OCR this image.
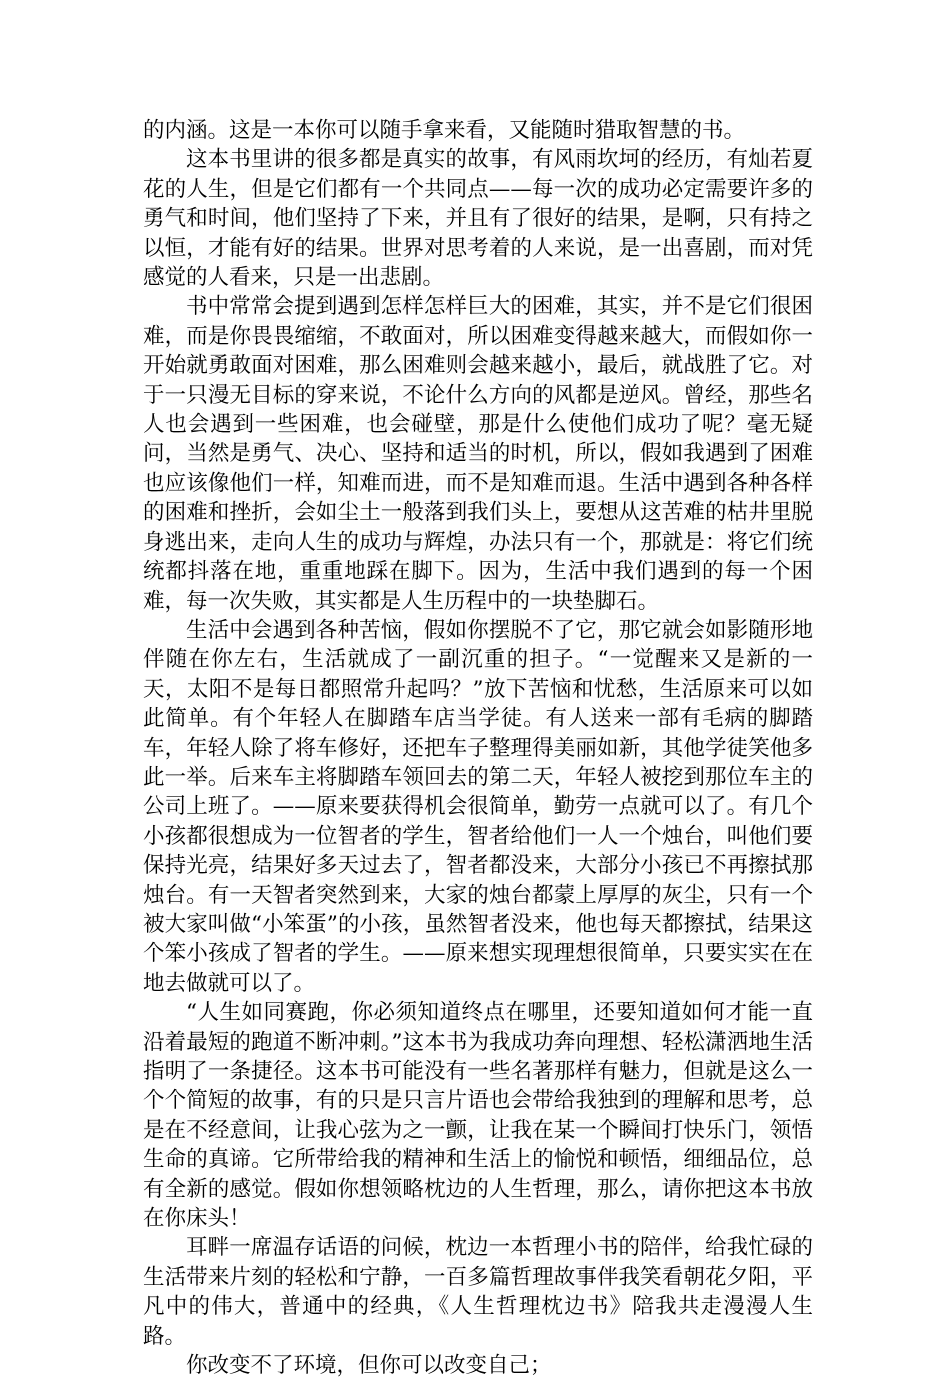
的内涵。这是一本你可以随手拿来看，又能随时猎取智慧的书。

这本书里讲的很多都是真实的故事，有风雨坎坷的经历，有灿若夏花的人生，但是它们都有一个共同点——每一次的成功必定需要许多的勇气和时间，他们坚持了下来，并且有了很好的结果，是啊，只有持之以恒，才能有好的结果。世界对思考着的人来说，是一出喜剧，而对凭感觉的人看来，只是一出悲剧。

书中常常会提到遇到怎样怎样巨大的困难，其实，并不是它们很困难，而是你畏畏缩缩，不敢面对，所以困难变得越来越大，而假如你一开始就勇敢面对困难，那么困难则会越来越小，最后，就战胜了它。对于一只漫无目标的穿来说，不论什么方向的风都是逆风。曾经，那些名人也会遇到一些困难，也会碰壁，那是什么使他们成功了呢？毫无疑问，当然是勇气、决心、坚持和适当的时机，所以，假如我遇到了困难也应该像他们一样，知难而进，而不是知难而退。生活中遇到各种各样的困难和挫折，会如尘土一般落到我们头上，要想从这苦难的枯井里脱身逃出来，走向人生的成功与辉煌，办法只有一个，那就是：将它们统统都抖落在地，重重地踩在脚下。因为，生活中我们遇到的每一个困难，每一次失败，其实都是人生历程中的一块垫脚石。

生活中会遇到各种苦恼，假如你摆脱不了它，那它就会如影随形地伴随在你左右，生活就成了一副沉重的担子。“一觉醒来又是新的一天，太阳不是每日都照常升起吗？”放下苦恼和忧愁，生活原来可以如此简单。有个年轻人在脚踏车店当学徒。有人送来一部有毛病的脚踏车，年轻人除了将车修好，还把车子整理得美丽如新，其他学徒笑他多此一举。后来车主将脚踏车领回去的第二天，年轻人被挖到那位车主的公司上班了。——原来要获得机会很简单，勤劳一点就可以了。有几个小孩都很想成为一位智者的学生，智者给他们一人一个烛台，叫他们要保持光亮，结果好多天过去了，智者都没来，大部分小孩已不再擦拭那烛台。有一天智者突然到来，大家的烛台都蒙上厚厚的灰尘，只有一个被大家叫做“小笨蛋”的小孩，虽然智者没来，他也每天都擦拭，结果这个笨小孩成了智者的学生。——原来想实现理想很简单，只要实实在在地去做就可以了。

“人生如同赛跑，你必须知道终点在哪里，还要知道如何才能一直沿着最短的跑道不断冲刺。”这本书为我成功奔向理想、轻松潇洒地生活指明了一条捷径。这本书可能没有一些名著那样有魅力，但就是这么一个个简短的故事，有的只是只言片语也会带给我独到的理解和思考，总是在不经意间，让我心弦为之一颤，让我在某一个瞬间打快乐门，领悟生命的真谛。它所带给我的精神和生活上的愉悦和顿悟，细细品位，总有全新的感觉。假如你想领略枕边的人生哲理，那么，请你把这本书放在你床头！

耳畔一席温存话语的问候，枕边一本哲理小书的陪伴，给我忙碌的生活带来片刻的轻松和宁静，一百多篇哲理故事伴我笑看朝花夕阳，平凡中的伟大，普通中的经典，《人生哲理枕边书》陪我共走漫漫人生路。

你改变不了环境，但你可以改变自己；
